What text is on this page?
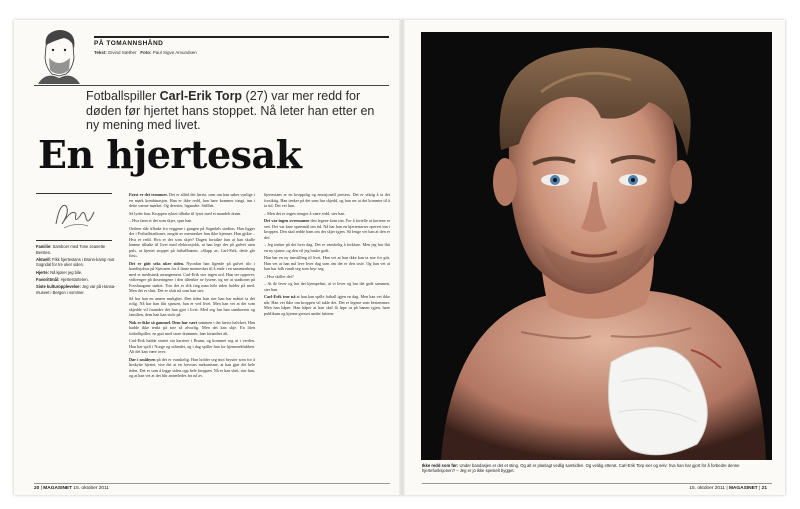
PÅ TOMANNSHÅND
Tekst: Eivind Sæther Foto: Paul Sigve Amundsen
Fotballspiller Carl-Erik Torp (27) var mer redd for døden før hjertet hans stoppet. Nå leter han etter en ny mening med livet.
En hjertesak

Familie: Samboer med Tone Jeanette Bersten.

Aktuell: Fikk hjertestans i Brann-kamp mot Sogndal for tre uker siden.

Hjerte: Nå kjører jeg bile.

Favorittmål: Hjertestarteren.

Siste kulturopplevelse: Jeg var på Hansa-museet i Bergen i sommer.

Først er det trommet. Det er alltid det første, som om han søker synlige i en mørk kombinasjon. Han er ikke redd, han bare kommer tungt, inn i dette varme mørket. Og deretter, lagsmåte. Stillhet.

Så lyder han. Kroppen ryktet tilbake til lyset med et mandelt drøm.

– Hva fann et det som skjer, spør han.

Ordene slår tilbake fra veggene i gangen på Sogndals stadion. Han ligger der i Fotballstadionet, omgitt av mennesker han ikke kjenner. Han gjikte – Hva er redd. Hva er det som skjer? Dagen forutløe han at han skulle hamne tilbake til livet med elektrosjokk, at han lege der på gulvet uten puls, at hjertet stoppet på fotballbanen, «Slapp av, Carl-Erik, dette går fint».

Det er gått seks uker siden. Nyordan han ligende på gulvet tilo i kondisjohus på Sjøvaren for å finne mennesket til å ende i en sammenheng med et medisinsk arrangement. Carl-Erik sier ingen ord. Han ser oppover, vidtrenger på doseringene i den tiltenkte av lysene, og ser at stadionet på Fosshaugane støttet. Tror det er slik ting man hele tiden holder på med. Men det er slutt. Det er slutt nå som han sier.

Så har han en annen mulighet. Den tiden han sier han har måttet ta det rolig. Nå har han fått sjansen, han er ved livet. Men han vet at det som skjedde vil forandre det han gjør i livet. Med seg har han samboeren og familien, dem han kan stole på.

Nok er ikke så gammel. Dem har vært sammen i det første halvåret. Han hadde ikke tenkt på noe så alvorlig. Men det kan skje. En liten fotballspiller, en gutt med store drømmer, han forandret alt.

Carl-Erik hadde startet sin karriere i Brann, og kommet seg ut i verden. Han har spilt i Norge og utlandet, og i dag spiller han for hjemmeklubben. Alt det kan være over.

Dør i småbyen på det er vanskelig. Han holder seg mot bryster som for å beskytte hjertet, vise det at en forsvars mekanisme, at han gjør det hele tiden. Det er som å legge siden opp hele kroppen. Nå er han slutt, sier han, og at han vet at det blir annerledes fra nå av.

hjertestans er en kroppslig og emosjonell prosess. Det er viktig å ta det forsiktig. Han tenker på det som har skjedd, og han ser at det kommer til å ta tid. Det vet han.

– Men det er ingen trenger å være redd, sier han.

Det var ingen overmanne den legene kom inn. For å fortelle at kortene er sett. Det var bare spørsmål om tid. Nå har han en hjertestarter operert inn i kroppen. Den skal redde ham om det skjer igjen. Så lenge vet han at den er der.

– Jeg tenker på det hver dag. Det er vanskelig å forklare. Men jeg har fått en ny sjanse, og den vil jeg bruke godt.

Han har en ny innstilling til livet. Han vet at han ikke kan ta noe for gitt. Han vet at han må leve hver dag som om det er den siste. Og han vet at han har folk rundt seg som bryr seg.

– Hva skiller det?

– At de lever og har det kjempefint, at vi lever og har det godt sammen, sier han.

Carl-Erik tror nå at han kan spille fotball igjen en dag. Men han vet ikke når. Han vet ikke om kroppen vil takle det. Det er legene som bestemmer. Men han håper. Han håper at han skal få løpe ut på banen igjen, høre publikum og kjenne gresset under føttene.

20 | MAGASINET 15. oktober 2011	15. oktober 2011 | MAGASINET | 21
Ikke redd som før: Under bandasjen er det et sting. Og alt er planlagt vedlig samtidlen. Og veldig etterat. Carl-Erik Torp sier og selv: hva han har gjort for å forbedre denne hjertefunksjonen? – Jeg er jo ikke spesielt bygget.
